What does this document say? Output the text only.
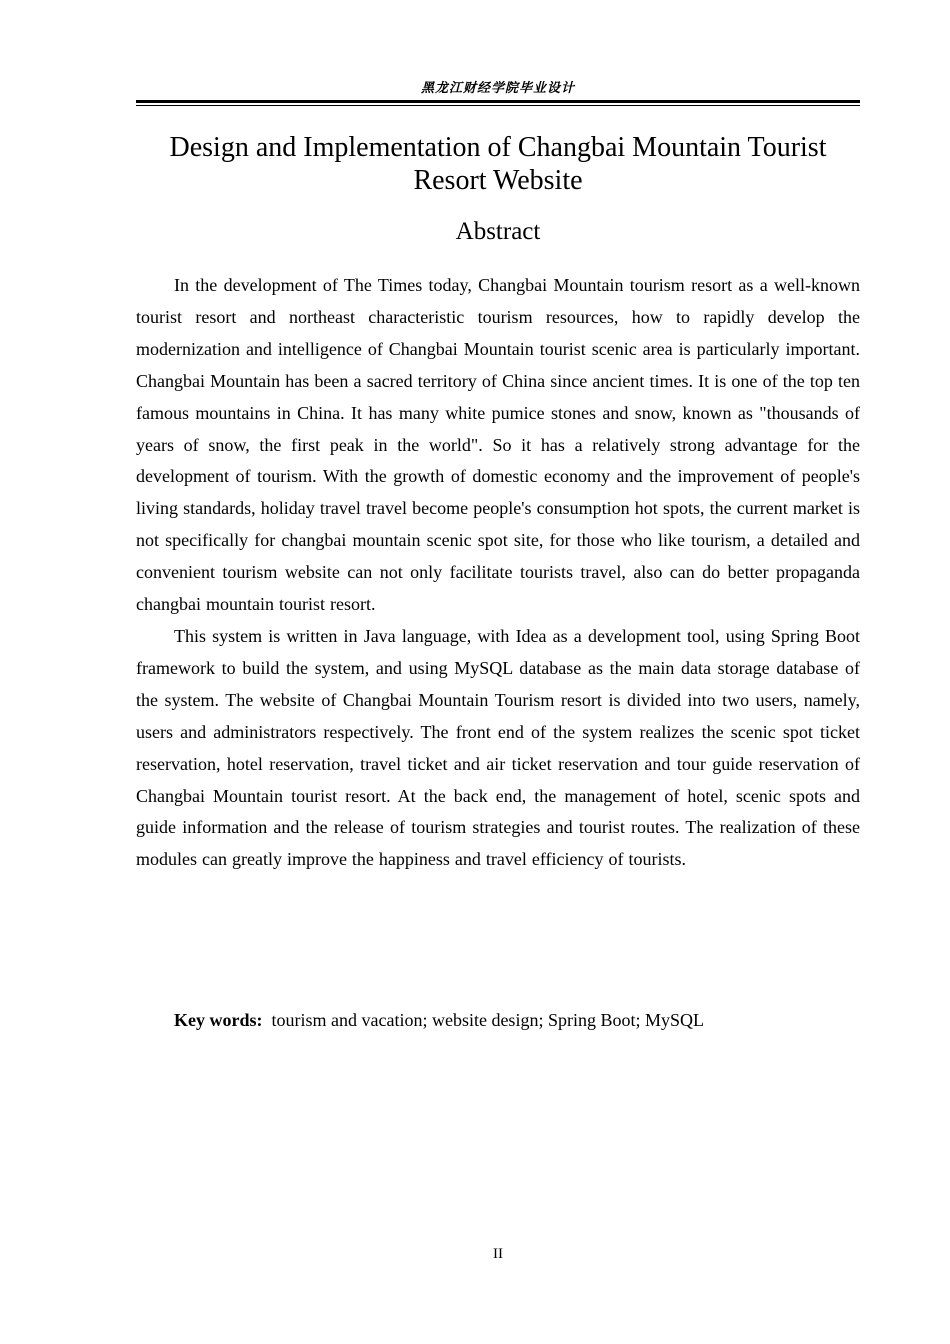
黑龙江财经学院毕业设计
Design and Implementation of Changbai Mountain Tourist Resort Website
Abstract

In the development of The Times today, Changbai Mountain tourism resort as a well-known tourist resort and northeast characteristic tourism resources, how to rapidly develop the modernization and intelligence of Changbai Mountain tourist scenic area is particularly important. Changbai Mountain has been a sacred territory of China since ancient times. It is one of the top ten famous mountains in China. It has many white pumice stones and snow, known as "thousands of years of snow, the first peak in the world". So it has a relatively strong advantage for the development of tourism. With the growth of domestic economy and the improvement of people's living standards, holiday travel travel become people's consumption hot spots, the current market is not specifically for changbai mountain scenic spot site, for those who like tourism, a detailed and convenient tourism website can not only facilitate tourists travel, also can do better propaganda changbai mountain tourist resort.

This system is written in Java language, with Idea as a development tool, using Spring Boot framework to build the system, and using MySQL database as the main data storage database of the system. The website of Changbai Mountain Tourism resort is divided into two users, namely, users and administrators respectively. The front end of the system realizes the scenic spot ticket reservation, hotel reservation, travel ticket and air ticket reservation and tour guide reservation of Changbai Mountain tourist resort. At the back end, the management of hotel, scenic spots and guide information and the release of tourism strategies and tourist routes. The realization of these modules can greatly improve the happiness and travel efficiency of tourists.

Key words: tourism and vacation; website design; Spring Boot; MySQL
II
